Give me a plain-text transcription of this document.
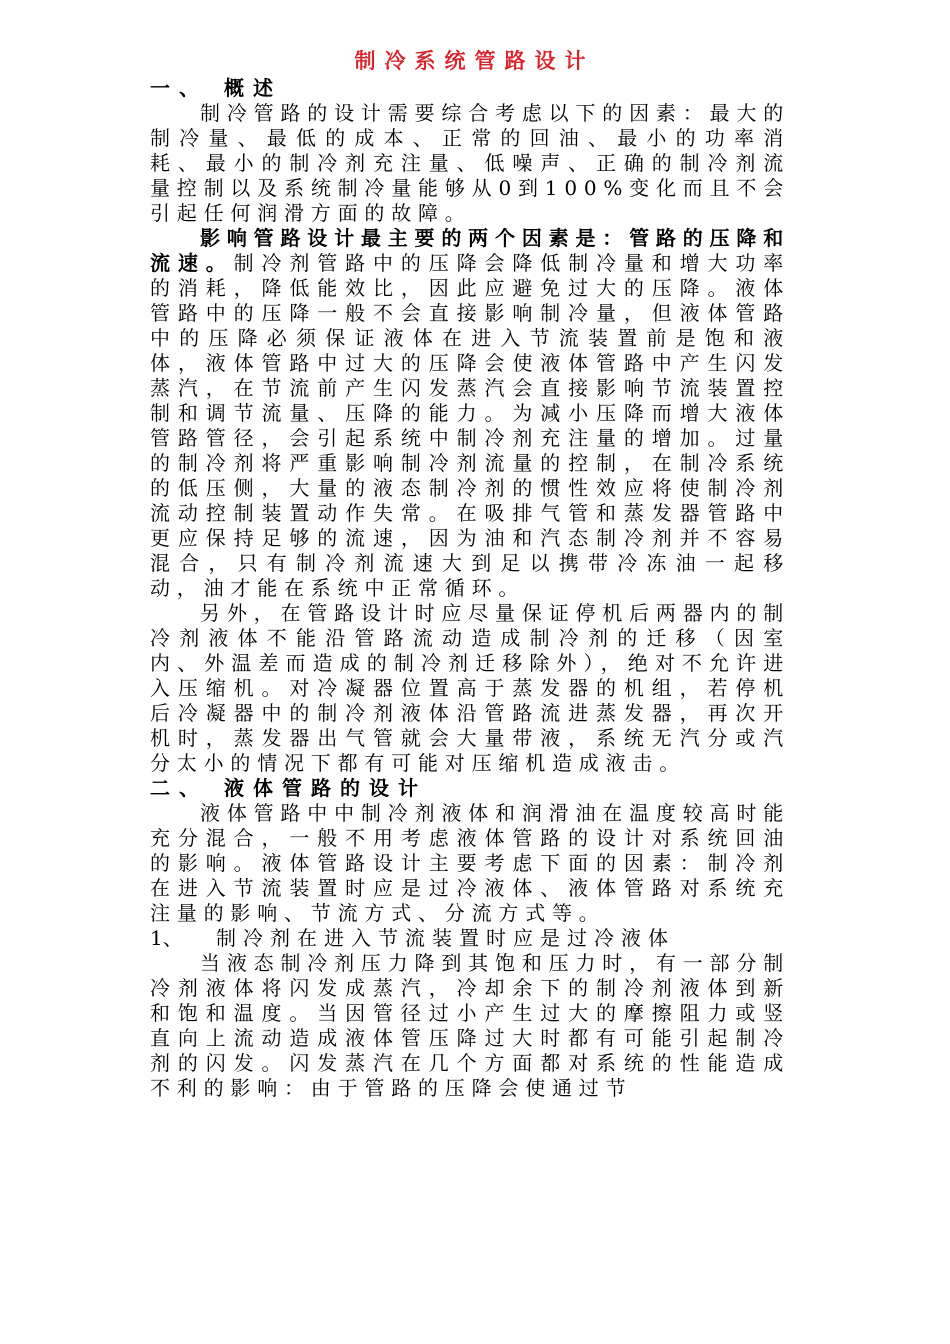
制冷系统管路设计
一、 概述

制冷管路的设计需要综合考虑以下的因素：最大的制冷量、最低的成本、正常的回油、最小的功率消耗、最小的制冷剂充注量、低噪声、正确的制冷剂流量控制以及系统制冷量能够从0到100%变化而且不会引起任何润滑方面的故障。

影响管路设计最主要的两个因素是：管路的压降和流速。制冷剂管路中的压降会降低制冷量和增大功率的消耗，降低能效比，因此应避免过大的压降。液体管路中的压降一般不会直接影响制冷量，但液体管路中的压降必须保证液体在进入节流装置前是饱和液体，液体管路中过大的压降会使液体管路中产生闪发蒸汽，在节流前产生闪发蒸汽会直接影响节流装置控制和调节流量、压降的能力。为减小压降而增大液体管路管径，会引起系统中制冷剂充注量的增加。过量的制冷剂将严重影响制冷剂流量的控制，在制冷系统的低压侧，大量的液态制冷剂的惯性效应将使制冷剂流动控制装置动作失常。在吸排气管和蒸发器管路中更应保持足够的流速，因为油和汽态制冷剂并不容易混合，只有制冷剂流速大到足以携带冷冻油一起移动，油才能在系统中正常循环。

另外，在管路设计时应尽量保证停机后两器内的制冷剂液体不能沿管路流动造成制冷剂的迁移（因室内、外温差而造成的制冷剂迁移除外），绝对不允许进入压缩机。对冷凝器位置高于蒸发器的机组，若停机后冷凝器中的制冷剂液体沿管路流进蒸发器，再次开机时，蒸发器出气管就会大量带液，系统无汽分或汽分太小的情况下都有可能对压缩机造成液击。

二、 液体管路的设计

液体管路中中制冷剂液体和润滑油在温度较高时能充分混合，一般不用考虑液体管路的设计对系统回油的影响。液体管路设计主要考虑下面的因素：制冷剂在进入节流装置时应是过冷液体、液体管路对系统充注量的影响、节流方式、分流方式等。

1、 制冷剂在进入节流装置时应是过冷液体

当液态制冷剂压力降到其饱和压力时，有一部分制冷剂液体将闪发成蒸汽，冷却余下的制冷剂液体到新和饱和温度。当因管径过小产生过大的摩擦阻力或竖直向上流动造成液体管压降过大时都有可能引起制冷剂的闪发。闪发蒸汽在几个方面都对系统的性能造成不利的影响：由于管路的压降会使通过节
